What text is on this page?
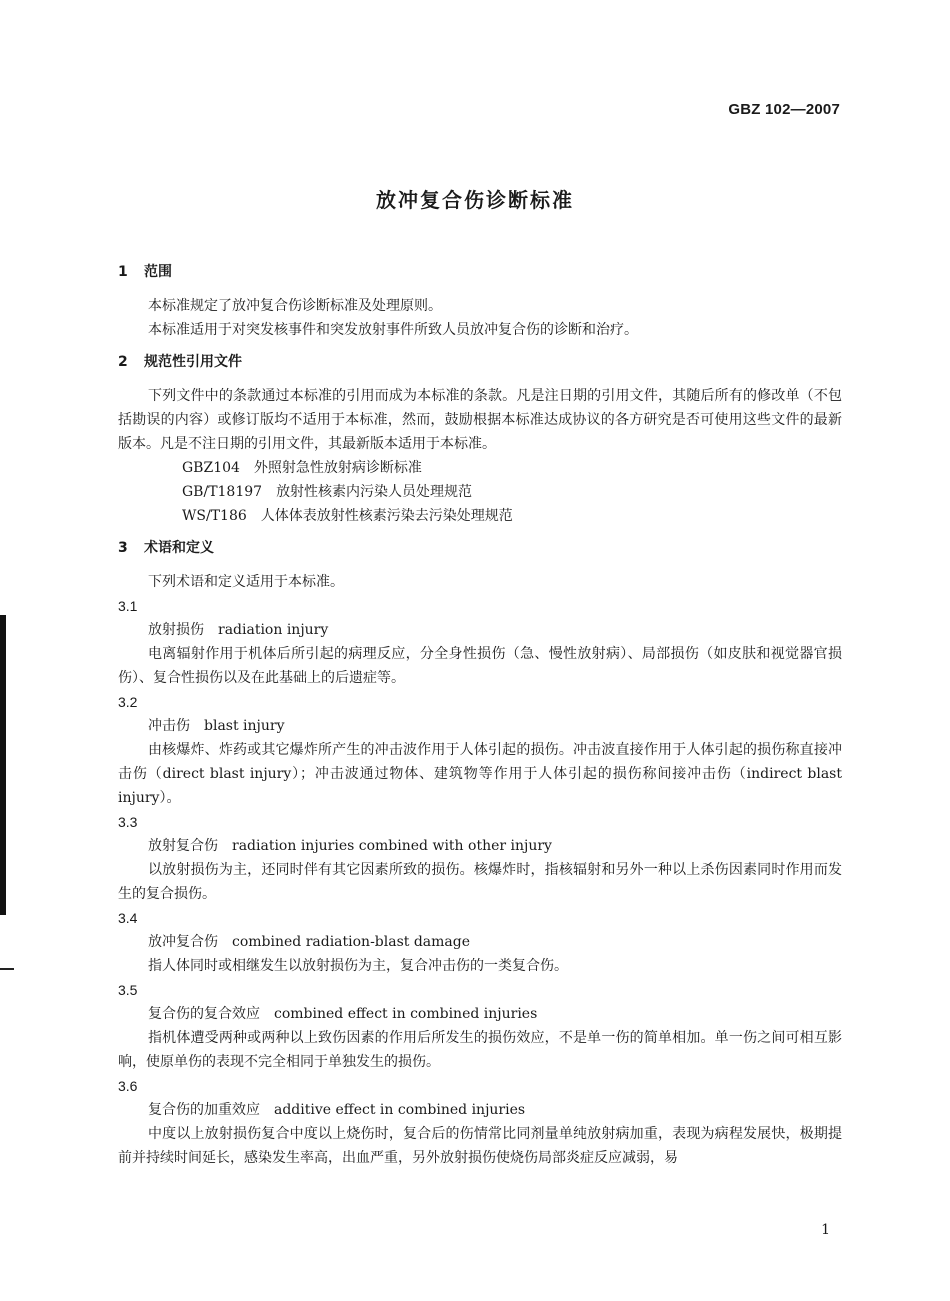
GBZ 102—2007
放冲复合伤诊断标准
1 范围
本标准规定了放冲复合伤诊断标准及处理原则。
本标准适用于对突发核事件和突发放射事件所致人员放冲复合伤的诊断和治疗。
2 规范性引用文件
下列文件中的条款通过本标准的引用而成为本标准的条款。凡是注日期的引用文件，其随后所有的修改单（不包括勘误的内容）或修订版均不适用于本标准，然而，鼓励根据本标准达成协议的各方研究是否可使用这些文件的最新版本。凡是不注日期的引用文件，其最新版本适用于本标准。
GBZ104 外照射急性放射病诊断标准
GB/T18197 放射性核素内污染人员处理规范
WS/T186 人体体表放射性核素污染去污染处理规范
3 术语和定义
下列术语和定义适用于本标准。
3.1
放射损伤 radiation injury
电离辐射作用于机体后所引起的病理反应，分全身性损伤（急、慢性放射病）、局部损伤（如皮肤和视觉器官损伤）、复合性损伤以及在此基础上的后遗症等。
3.2
冲击伤 blast injury
由核爆炸、炸药或其它爆炸所产生的冲击波作用于人体引起的损伤。冲击波直接作用于人体引起的损伤称直接冲击伤（direct blast injury）；冲击波通过物体、建筑物等作用于人体引起的损伤称间接冲击伤（indirect blast injury）。
3.3
放射复合伤 radiation injuries combined with other injury
以放射损伤为主，还同时伴有其它因素所致的损伤。核爆炸时，指核辐射和另外一种以上杀伤因素同时作用而发生的复合损伤。
3.4
放冲复合伤 combined radiation-blast damage
指人体同时或相继发生以放射损伤为主，复合冲击伤的一类复合伤。
3.5
复合伤的复合效应 combined effect in combined injuries
指机体遭受两种或两种以上致伤因素的作用后所发生的损伤效应，不是单一伤的简单相加。单一伤之间可相互影响，使原单伤的表现不完全相同于单独发生的损伤。
3.6
复合伤的加重效应 additive effect in combined injuries
中度以上放射损伤复合中度以上烧伤时，复合后的伤情常比同剂量单纯放射病加重，表现为病程发展快，极期提前并持续时间延长，感染发生率高，出血严重，另外放射损伤使烧伤局部炎症反应减弱，易
1
